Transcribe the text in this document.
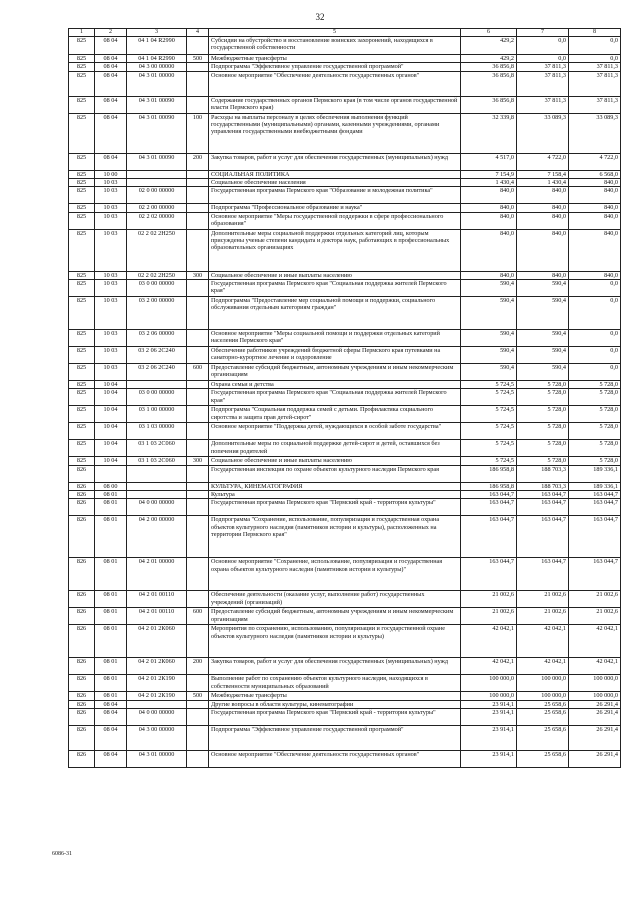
32
1	2	3	4	5	6	7	8
825	08 04	04 1 04 R2990		Субсидии на обустройство и восстановление воинских захоронений, находящихся в государственной собственности	429,2	0,0	0,0
825	08 04	04 1 04 R2990	500	Межбюджетные трансферты	429,2	0,0	0,0
825	08 04	04 3 00 00000		Подпрограмма "Эффективное управление государственной программой"	36 856,8	37 811,3	37 811,3
825	08 04	04 3 01 00000		Основное мероприятие "Обеспечение деятельности государственных органов"	36 856,8	37 811,3	37 811,3
825	08 04	04 3 01 00090		Содержание государственных органов Пермского края (в том числе органов государственной власти Пермского края)	36 856,8	37 811,3	37 811,3
825	08 04	04 3 01 00090	100	Расходы на выплаты персоналу в целях обеспечения выполнения функций государственными (муниципальными) органами, казенными учреждениями, органами управления государственными внебюджетными фондами	32 339,8	33 089,3	33 089,3
825	08 04	04 3 01 00090	200	Закупка товаров, работ и услуг для обеспечения государственных (муниципальных) нужд	4 517,0	4 722,0	4 722,0
825	10 00			СОЦИАЛЬНАЯ ПОЛИТИКА	7 154,9	7 158,4	6 568,0
825	10 03			Социальное обеспечение населения	1 430,4	1 430,4	840,0
825	10 03	02 0 00 00000		Государственная программа Пермского края "Образование и молодежная политика"	840,0	840,0	840,0
825	10 03	02 2 00 00000		Подпрограмма "Профессиональное образование и наука"	840,0	840,0	840,0
825	10 03	02 2 02 00000		Основное мероприятие "Меры государственной поддержки в сфере профессионального образования"	840,0	840,0	840,0
825	10 03	02 2 02 2Н250		Дополнительные меры социальной поддержки отдельных категорий лиц, которым присуждены ученые степени кандидата и доктора наук, работающих в профессиональных образовательных организациях	840,0	840,0	840,0
825	10 03	02 2 02 2Н250	300	Социальное обеспечение и иные выплаты населению	840,0	840,0	840,0
825	10 03	03 0 00 00000		Государственная программа Пермского края "Социальная поддержка жителей Пермского края"	590,4	590,4	0,0
825	10 03	03 2 00 00000		Подпрограмма "Предоставление мер социальной помощи и поддержки, социального обслуживания отдельным категориям граждан"	590,4	590,4	0,0
825	10 03	03 2 06 00000		Основное мероприятие "Меры социальной помощи и поддержки отдельных категорий населения Пермского края"	590,4	590,4	0,0
825	10 03	03 2 06 2С240		Обеспечение работников учреждений бюджетной сферы Пермского края путевками на санаторно-курортное лечение и оздоровление	590,4	590,4	0,0
825	10 03	03 2 06 2С240	600	Предоставление субсидий бюджетным, автономным учреждениям и иным некоммерческим организациям	590,4	590,4	0,0
825	10 04			Охрана семьи и детства	5 724,5	5 728,0	5 728,0
825	10 04	03 0 00 00000		Государственная программа Пермского края "Социальная поддержка жителей Пермского края"	5 724,5	5 728,0	5 728,0
825	10 04	03 1 00 00000		Подпрограмма "Социальная поддержка семей с детьми. Профилактика социального сиротства и защита прав детей-сирот"	5 724,5	5 728,0	5 728,0
825	10 04	03 1 03 00000		Основное мероприятие "Поддержка детей, нуждающихся в особой заботе государства"	5 724,5	5 728,0	5 728,0
825	10 04	03 1 03 2С060		Дополнительные меры по социальной поддержке детей-сирот и детей, оставшихся без попечения родителей	5 724,5	5 728,0	5 728,0
825	10 04	03 1 03 2С060	300	Социальное обеспечение и иные выплаты населению	5 724,5	5 728,0	5 728,0
826				Государственная инспекция по охране объектов культурного наследия Пермского края	186 958,8	188 703,3	189 336,1
826	08 00			КУЛЬТУРА, КИНЕМАТОГРАФИЯ	186 958,8	188 703,3	189 336,1
826	08 01			Культура	163 044,7	163 044,7	163 044,7
826	08 01	04 0 00 00000		Государственная программа Пермского края "Пермский край - территория культуры"	163 044,7	163 044,7	163 044,7
826	08 01	04 2 00 00000		Подпрограмма "Сохранение, использование, популяризация и государственная охрана объектов культурного наследия (памятников истории и культуры), расположенных на территории Пермского края"	163 044,7	163 044,7	163 044,7
826	08 01	04 2 01 00000		Основное мероприятие "Сохранение, использование, популяризация и государственная охрана объектов культурного наследия (памятников истории и культуры)"	163 044,7	163 044,7	163 044,7
826	08 01	04 2 01 00110		Обеспечение деятельности (оказание услуг, выполнение работ) государственных учреждений (организаций)	21 002,6	21 002,6	21 002,6
826	08 01	04 2 01 00110	600	Предоставление субсидий бюджетным, автономным учреждениям и иным некоммерческим организациям	21 002,6	21 002,6	21 002,6
826	08 01	04 2 01 2К060		Мероприятия по сохранению, использованию, популяризации и государственной охране объектов культурного наследия (памятников истории и культуры)	42 042,1	42 042,1	42 042,1
826	08 01	04 2 01 2К060	200	Закупка товаров, работ и услуг для обеспечения государственных (муниципальных) нужд	42 042,1	42 042,1	42 042,1
826	08 01	04 2 01 2К190		Выполнение работ по сохранению объектов культурного наследия, находящихся в собственности муниципальных образований	100 000,0	100 000,0	100 000,0
826	08 01	04 2 01 2К190	500	Межбюджетные трансферты	100 000,0	100 000,0	100 000,0
826	08 04			Другие вопросы в области культуры, кинематографии	23 914,1	25 658,6	26 291,4
826	08 04	04 0 00 00000		Государственная программа Пермского края "Пермский край - территория культуры"	23 914,1	25 658,6	26 291,4
826	08 04	04 3 00 00000		Подпрограмма "Эффективное управление государственной программой"	23 914,1	25 658,6	26 291,4
826	08 04	04 3 01 00000		Основное мероприятие "Обеспечение деятельности государственных органов"	23 914,1	25 658,6	26 291,4
6086-31
